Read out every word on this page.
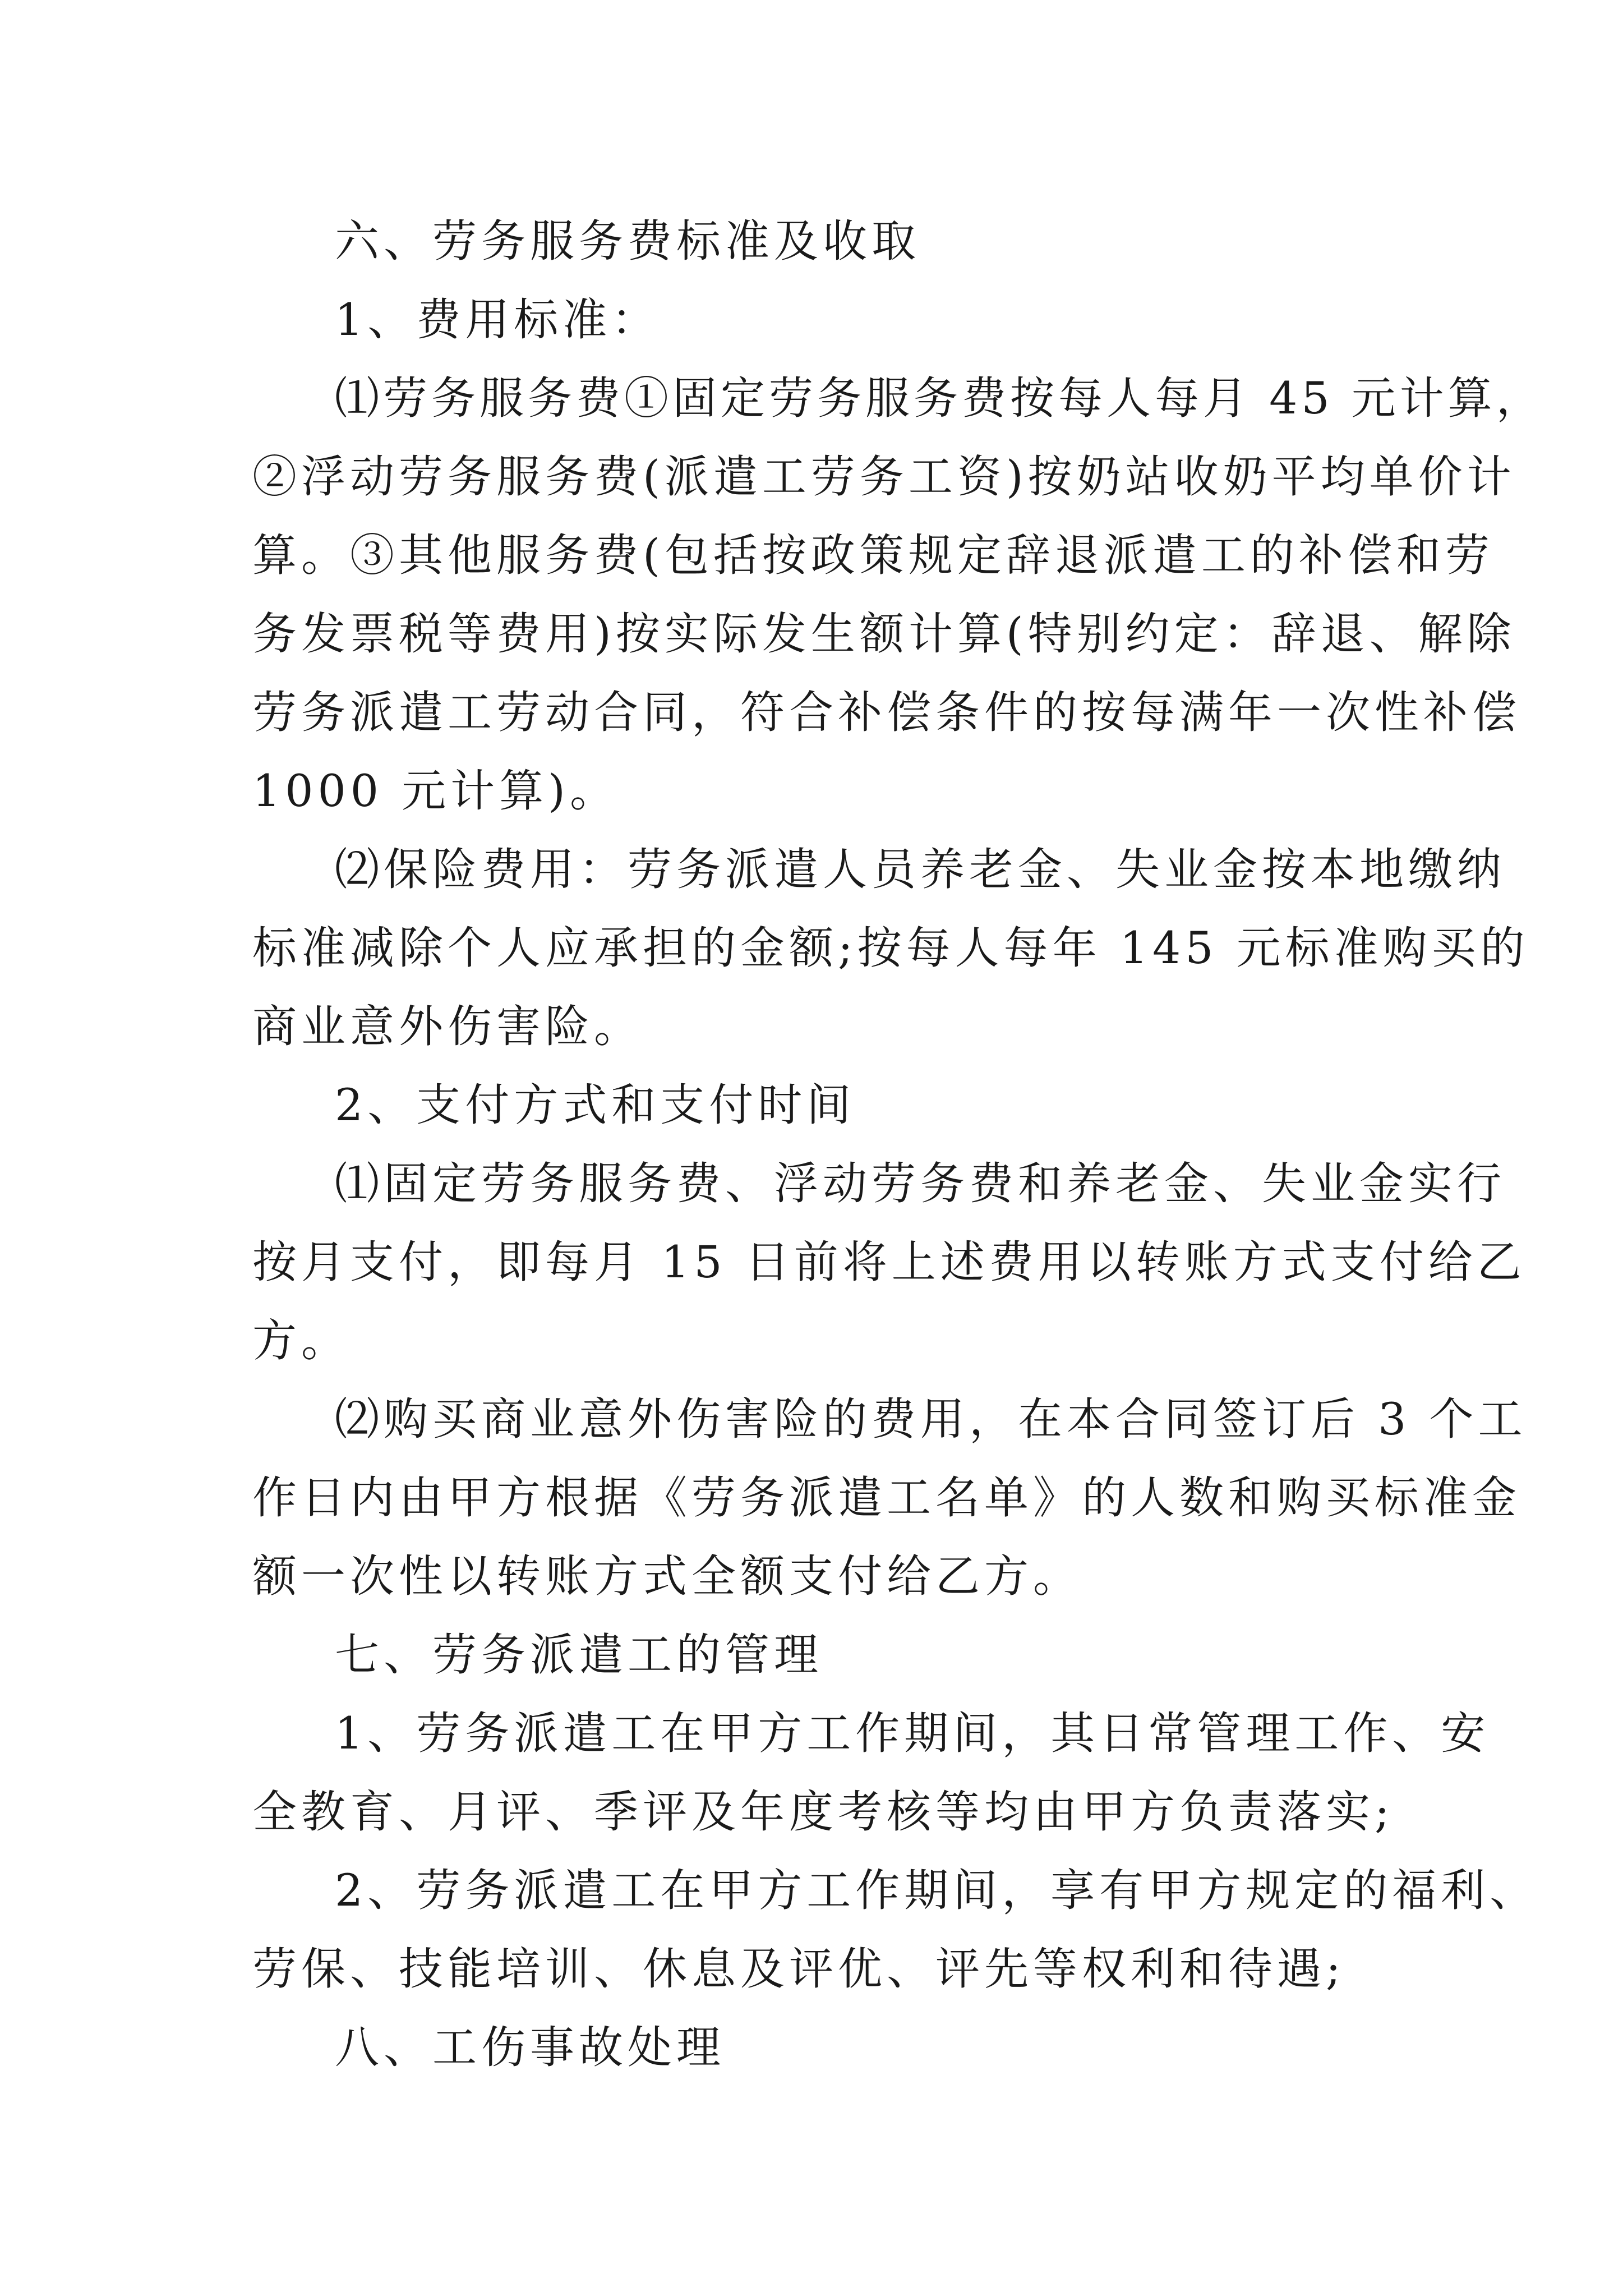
六、劳务服务费标准及收取
1、费用标准：
⑴劳务服务费①固定劳务服务费按每人每月 45 元计算，
②浮动劳务服务费(派遣工劳务工资)按奶站收奶平均单价计
算。③其他服务费(包括按政策规定辞退派遣工的补偿和劳
务发票税等费用)按实际发生额计算(特别约定：辞退、解除
劳务派遣工劳动合同，符合补偿条件的按每满年一次性补偿
1000 元计算)。
⑵保险费用：劳务派遣人员养老金、失业金按本地缴纳
标准减除个人应承担的金额;按每人每年 145 元标准购买的
商业意外伤害险。
2、支付方式和支付时间
⑴固定劳务服务费、浮动劳务费和养老金、失业金实行
按月支付，即每月 15 日前将上述费用以转账方式支付给乙
方。
⑵购买商业意外伤害险的费用，在本合同签订后 3 个工
作日内由甲方根据《劳务派遣工名单》的人数和购买标准金
额一次性以转账方式全额支付给乙方。
七、劳务派遣工的管理
1、劳务派遣工在甲方工作期间，其日常管理工作、安
全教育、月评、季评及年度考核等均由甲方负责落实;
2、劳务派遣工在甲方工作期间，享有甲方规定的福利、
劳保、技能培训、休息及评优、评先等权利和待遇;
八、工伤事故处理
